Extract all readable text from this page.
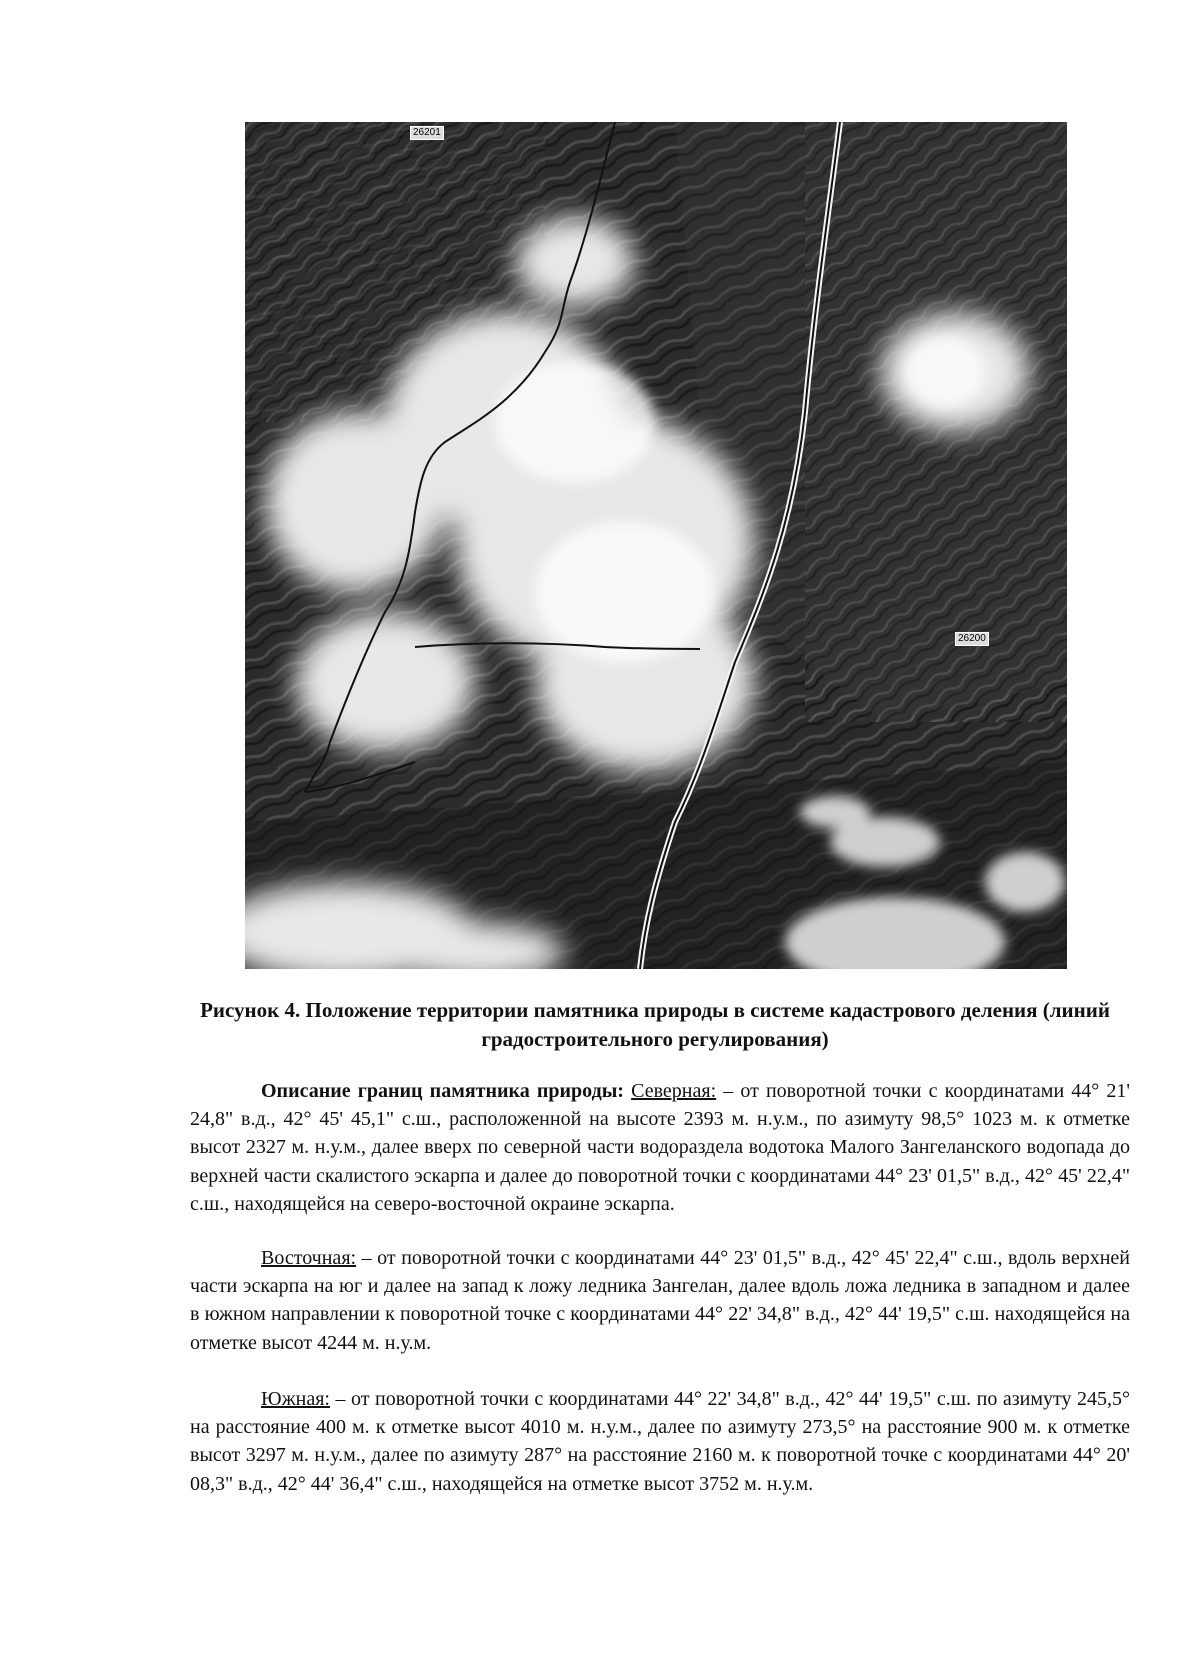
26201
26200
Рисунок 4. Положение территории памятника природы в системе кадастрового деления (линий градостроительного регулирования)

Описание границ памятника природы: Северная: – от поворотной точки с координатами 44° 21' 24,8" в.д., 42° 45' 45,1" с.ш., расположенной на высоте 2393 м. н.у.м., по азимуту 98,5° 1023 м. к отметке высот 2327 м. н.у.м., далее вверх по северной части водораздела водотока Малого Зангеланского водопада до верхней части скалистого эскарпа и далее до поворотной точки с координатами 44° 23' 01,5" в.д., 42° 45' 22,4" с.ш., находящейся на северо-восточной окраине эскарпа.

Восточная: – от поворотной точки с координатами 44° 23' 01,5" в.д., 42° 45' 22,4" с.ш., вдоль верхней части эскарпа на юг и далее на запад к ложу ледника Зангелан, далее вдоль ложа ледника в западном и далее в южном направлении к поворотной точке с координатами 44° 22' 34,8" в.д., 42° 44' 19,5" с.ш. находящейся на отметке высот 4244 м. н.у.м.

Южная: – от поворотной точки с координатами 44° 22' 34,8" в.д., 42° 44' 19,5" с.ш. по азимуту 245,5° на расстояние 400 м. к отметке высот 4010 м. н.у.м., далее по азимуту 273,5° на расстояние 900 м. к отметке высот 3297 м. н.у.м., далее по азимуту 287° на расстояние 2160 м. к поворотной точке с координатами 44° 20' 08,3" в.д., 42° 44' 36,4" с.ш., находящейся на отметке высот 3752 м. н.у.м.
